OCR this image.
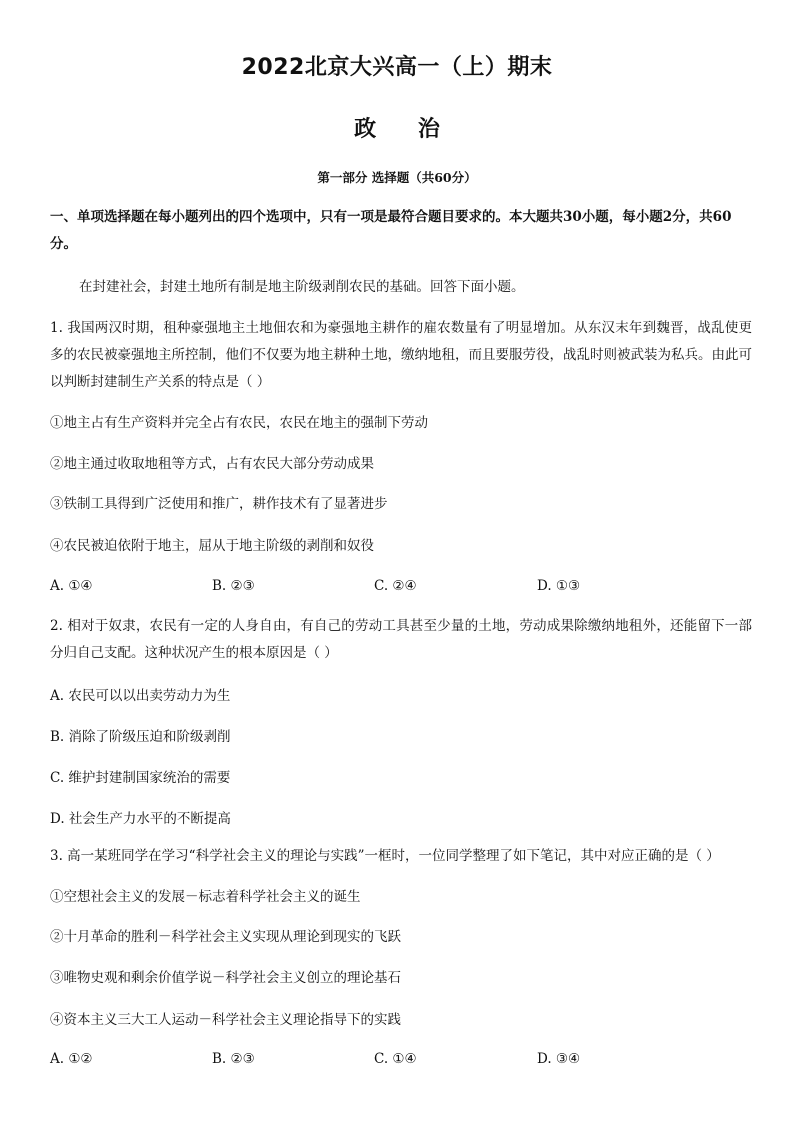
2022北京大兴高一（上）期末
政 治
第一部分 选择题（共60分）
一、单项选择题在每小题列出的四个选项中，只有一项是最符合题目要求的。本大题共30小题，每小题2分，共60分。
在封建社会，封建土地所有制是地主阶级剥削农民的基础。回答下面小题。
1. 我国两汉时期，租种豪强地主土地佃农和为豪强地主耕作的雇农数量有了明显增加。从东汉末年到魏晋，战乱使更多的农民被豪强地主所控制，他们不仅要为地主耕种土地，缴纳地租，而且要服劳役，战乱时则被武装为私兵。由此可以判断封建制生产关系的特点是（ ）
①地主占有生产资料并完全占有农民，农民在地主的强制下劳动
②地主通过收取地租等方式，占有农民大部分劳动成果
③铁制工具得到广泛使用和推广，耕作技术有了显著进步
④农民被迫依附于地主，屈从于地主阶级的剥削和奴役
A. ①④	B. ②③	C. ②④	D. ①③
2. 相对于奴隶，农民有一定的人身自由，有自己的劳动工具甚至少量的土地，劳动成果除缴纳地租外，还能留下一部分归自己支配。这种状况产生的根本原因是（ ）
A. 农民可以以出卖劳动力为生
B. 消除了阶级压迫和阶级剥削
C. 维护封建制国家统治的需要
D. 社会生产力水平的不断提高
3. 高一某班同学在学习“科学社会主义的理论与实践”一框时，一位同学整理了如下笔记，其中对应正确的是（ ）
①空想社会主义的发展－标志着科学社会主义的诞生
②十月革命的胜利－科学社会主义实现从理论到现实的飞跃
③唯物史观和剩余价值学说－科学社会主义创立的理论基石
④资本主义三大工人运动－科学社会主义理论指导下的实践
A. ①②	B. ②③	C. ①④	D. ③④
